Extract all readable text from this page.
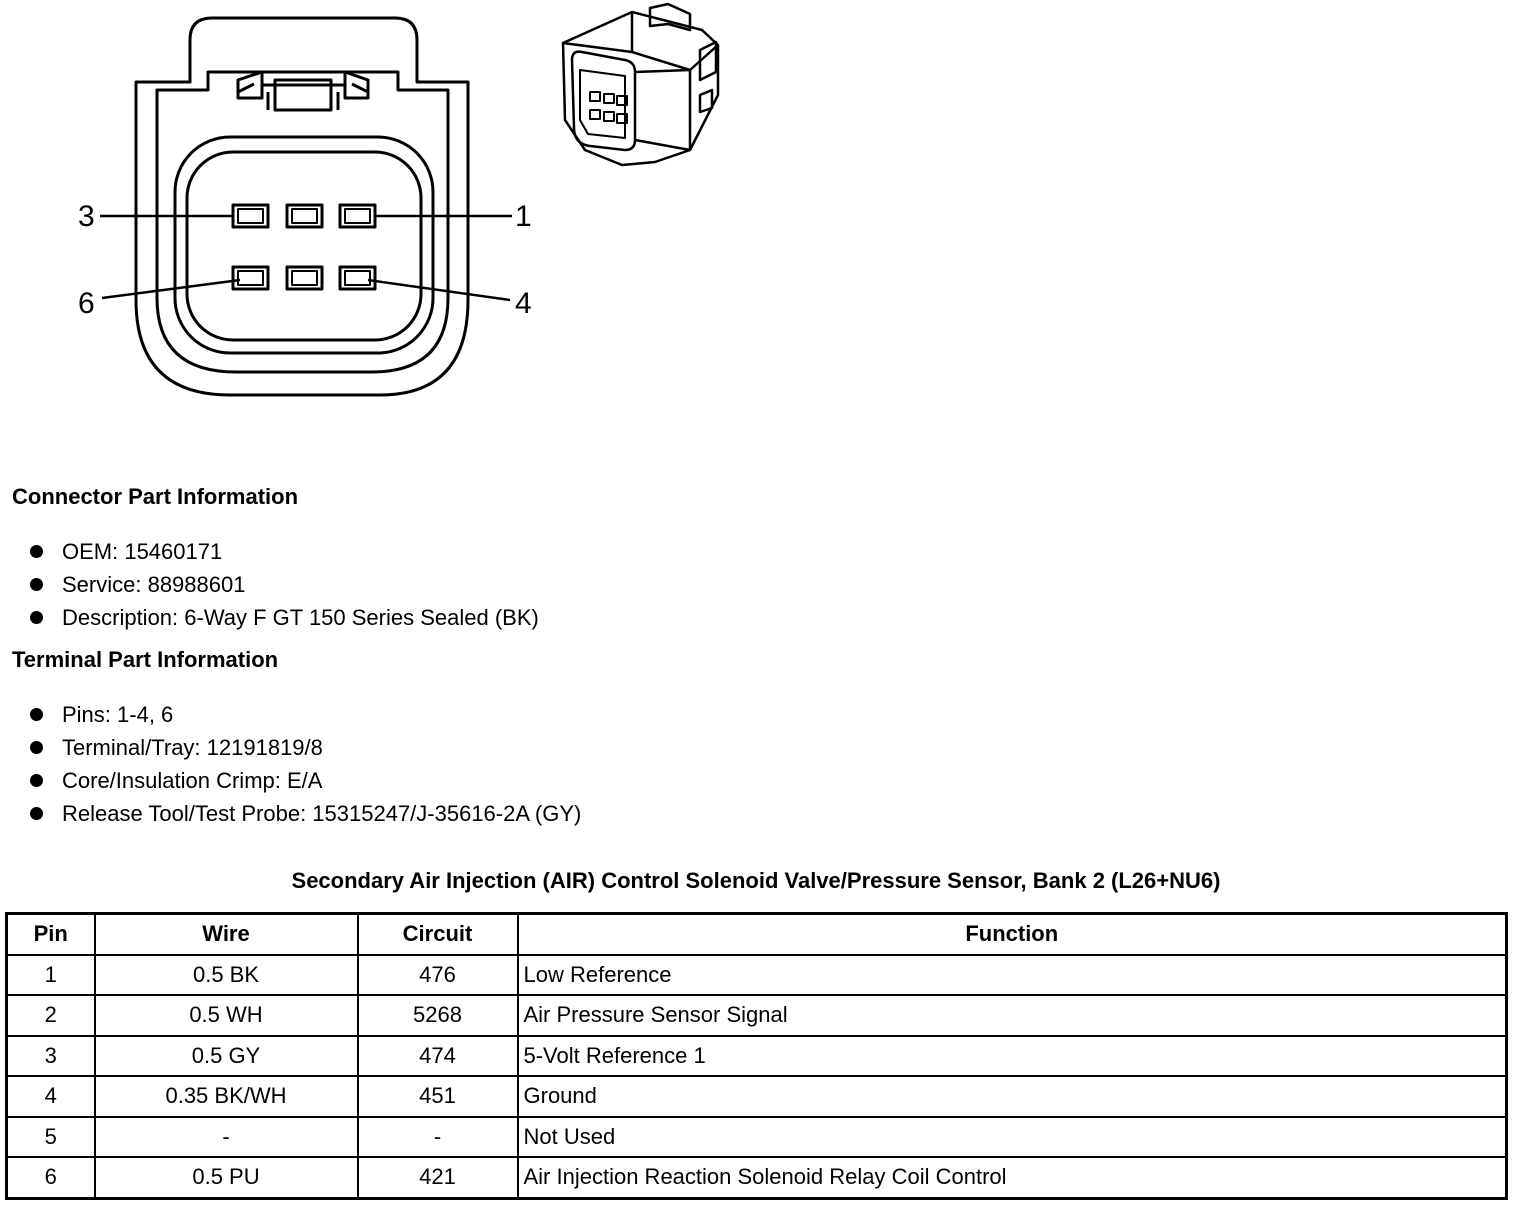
3	1
6	4
Connector Part Information
OEM: 15460171
Service: 88988601
Description: 6-Way F GT 150 Series Sealed (BK)
Terminal Part Information
Pins: 1-4, 6
Terminal/Tray: 12191819/8
Core/Insulation Crimp: E/A
Release Tool/Test Probe: 15315247/J-35616-2A (GY)
Secondary Air Injection (AIR) Control Solenoid Valve/Pressure Sensor, Bank 2 (L26+NU6)
Pin	Wire	Circuit	Function
1	0.5 BK	476	Low Reference
2	0.5 WH	5268	Air Pressure Sensor Signal
3	0.5 GY	474	5-Volt Reference 1
4	0.35 BK/WH	451	Ground
5	-	-	Not Used
6	0.5 PU	421	Air Injection Reaction Solenoid Relay Coil Control
